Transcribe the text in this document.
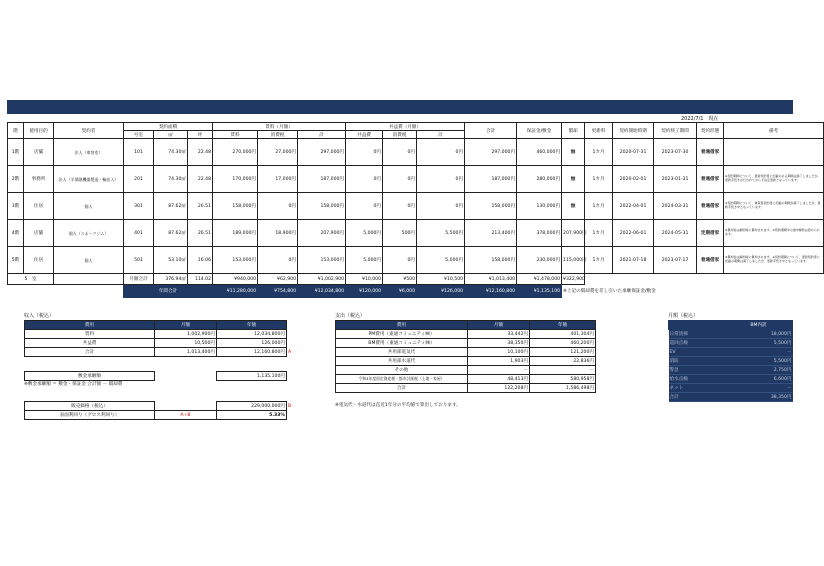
2022/7/1　現在
階	使用目的	契約者	契約面積			賃料（月額）			共益費（月額）			合計	保証金/敷金	償却	更新料	契約開始時期	契約終了期間	契約形態	備考
			号室	㎡	坪	賃料	消費税	計	共益費	消費税	計								
1階	店舗	法人（車容室）	101	74.30㎡	22.48	270,000円	27,000円	297,000円	0円	0円	0円	297,000円	460,000円	無	1カ月	2020-07-31	2023-07-30	普通借家	
2階	事務所	法人（半保険機器製造・輸出入）	201	74.30㎡	22.48	170,000円	17,000円	187,000円	0円	0円	0円	187,000円	280,000円	無	1カ月	2020-02-01	2023-01-31	普通借家	※契約期間について、更新契約書に記載のある期間は満了しましたが、更新手続きが行われておらず法定更新となっています。
3階	住居	個人	301	87.62㎡	26.51	158,000円	0円	158,000円	0円	0円	0円	158,000円	130,000円	無	1カ月	2022-04-01	2024-03-31	普通借家	※契約期間について、賃貸借契約書に記載の期間が満了しましたが、更新手続き中となっています。
4階	店舗	個人（スポーツジム）	401	87.62㎡	26.51	189,000円	18,900円	207,900円	5,000円	500円	5,500円	213,400円	378,000円	207,900円	1カ月	2022-06-01	2024-05-31	定期借家	※償却金は解約時に償却されます。※契約期間中の途中解約は認められます。
5階	住居	個人	501	53.10㎡	16.06	153,000円	0円	153,000円	5,000円	0円	5,000円	158,000円	230,000円	115,000円	1カ月	2021-07-18	2023-07-17	普通借家	※償却金は解約時に償却されます。※契約期間について、更新契約書に記載の期間は満了しましたが、更新手続き中となっています。
5　室			月額合計	376.94㎡	114.02	¥940,000	¥62,900	¥1,002,900	¥10,000	¥500	¥10,500	¥1,013,400	¥1,478,000	¥322,900					
			年間合計			¥11,280,000	¥754,800	¥12,034,800	¥120,000	¥6,000	¥126,000	¥12,160,800	¥1,135,100	※上記の償却費を差し引いた承継保証金/敷金					
収入（税込）
費用	月額	年額	
賃料	1,002,900円	12,034,800円	
共益費	10,500円	126,000円	
合計	1,013,400円	12,160,800円	A
敷金承継額		1,135,100円	
※敷金承継額 ＝ 敷金・保証金 合計額 － 償却費
販売価格（税込）		229,000,000円	B
表面利回り（グロス利回り）	A÷B	5.33%	
支出（税込）
費用	月額	年額
PM費用（東通コミュニティ㈱）	33,442円	401,304円
BM費用（東通コミュニティ㈱）	38,350円	460,200円
共用部電気代	10,100円	121,200円
共用部水道代	1,903円	22,836円
その他	－	－
令和4年度固定資産税・都市計画税（土地・家屋）	48,413円	580,958円
合計	122,208円	1,586,498円
※電気代・水道代は直近1年分の平均値で算出しております。
月額（税込）
	BM内訳
日常清掃	18,000円
巡回点検	5,500円
EV	－
消防	5,500円
警急	2,750円
給水点検	6,600円
ネット	－
合計	38,350円
